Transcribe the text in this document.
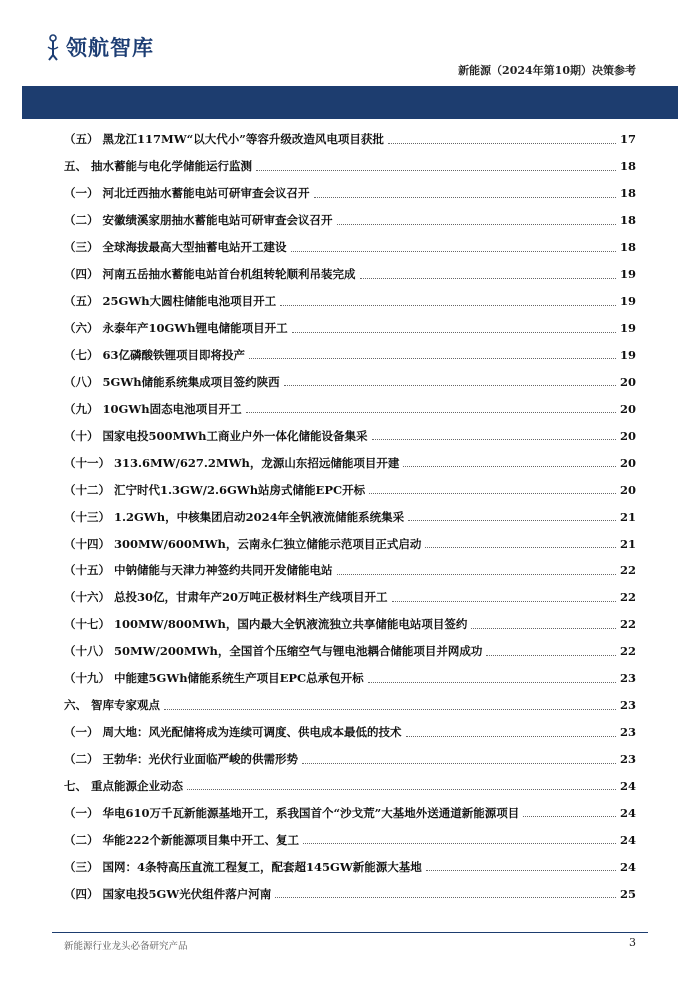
领航智库
新能源（2024年第10期）决策参考
（五） 黑龙江117MW“以大代小”等容升级改造风电项目获批	17
五、 抽水蓄能与电化学储能运行监测	18
（一） 河北迁西抽水蓄能电站可研审查会议召开	18
（二） 安徽绩溪家朋抽水蓄能电站可研审查会议召开	18
（三） 全球海拔最高大型抽蓄电站开工建设	18
（四） 河南五岳抽水蓄能电站首台机组转轮顺利吊装完成	19
（五） 25GWh大圆柱储能电池项目开工	19
（六） 永泰年产10GWh锂电储能项目开工	19
（七） 63亿磷酸铁锂项目即将投产	19
（八） 5GWh储能系统集成项目签约陕西	20
（九） 10GWh固态电池项目开工	20
（十） 国家电投500MWh工商业户外一体化储能设备集采	20
（十一） 313.6MW/627.2MWh，龙源山东招远储能项目开建	20
（十二） 汇宁时代1.3GW/2.6GWh站房式储能EPC开标	20
（十三） 1.2GWh，中核集团启动2024年全钒液流储能系统集采	21
（十四） 300MW/600MWh，云南永仁独立储能示范项目正式启动	21
（十五） 中钠储能与天津力神签约共同开发储能电站	22
（十六） 总投30亿，甘肃年产20万吨正极材料生产线项目开工	22
（十七） 100MW/800MWh，国内最大全钒液流独立共享储能电站项目签约	22
（十八） 50MW/200MWh，全国首个压缩空气与锂电池耦合储能项目并网成功	22
（十九） 中能建5GWh储能系统生产项目EPC总承包开标	23
六、 智库专家观点	23
（一） 周大地：风光配储将成为连续可调度、供电成本最低的技术	23
（二） 王勃华：光伏行业面临严峻的供需形势	23
七、 重点能源企业动态	24
（一） 华电610万千瓦新能源基地开工，系我国首个“沙戈荒”大基地外送通道新能源项目	24
（二） 华能222个新能源项目集中开工、复工	24
（三） 国网：4条特高压直流工程复工，配套超145GW新能源大基地	24
（四） 国家电投5GW光伏组件落户河南	25
新能源行业龙头必备研究产品	3
